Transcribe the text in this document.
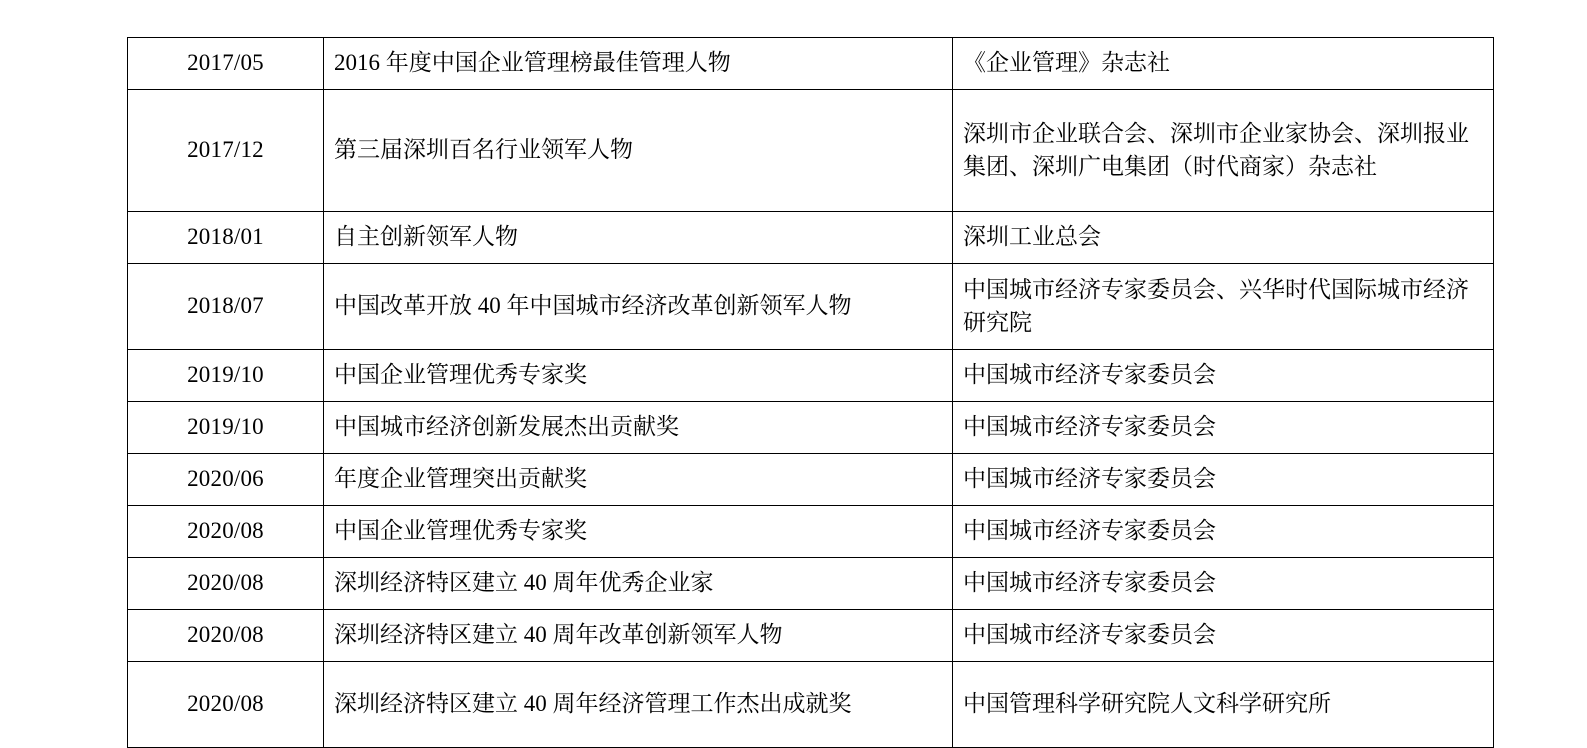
2017/05	2016 年度中国企业管理榜最佳管理人物	《企业管理》杂志社

2017/12	第三届深圳百名行业领军人物	深圳市企业联合会、深圳市企业家协会、深圳报业集团、深圳广电集团（时代商家）杂志社

2018/01	自主创新领军人物	深圳工业总会

2018/07	中国改革开放 40 年中国城市经济改革创新领军人物	中国城市经济专家委员会、兴华时代国际城市经济研究院

2019/10	中国企业管理优秀专家奖	中国城市经济专家委员会

2019/10	中国城市经济创新发展杰出贡献奖	中国城市经济专家委员会

2020/06	年度企业管理突出贡献奖	中国城市经济专家委员会

2020/08	中国企业管理优秀专家奖	中国城市经济专家委员会

2020/08	深圳经济特区建立 40 周年优秀企业家	中国城市经济专家委员会

2020/08	深圳经济特区建立 40 周年改革创新领军人物	中国城市经济专家委员会

2020/08	深圳经济特区建立 40 周年经济管理工作杰出成就奖	中国管理科学研究院人文科学研究所
